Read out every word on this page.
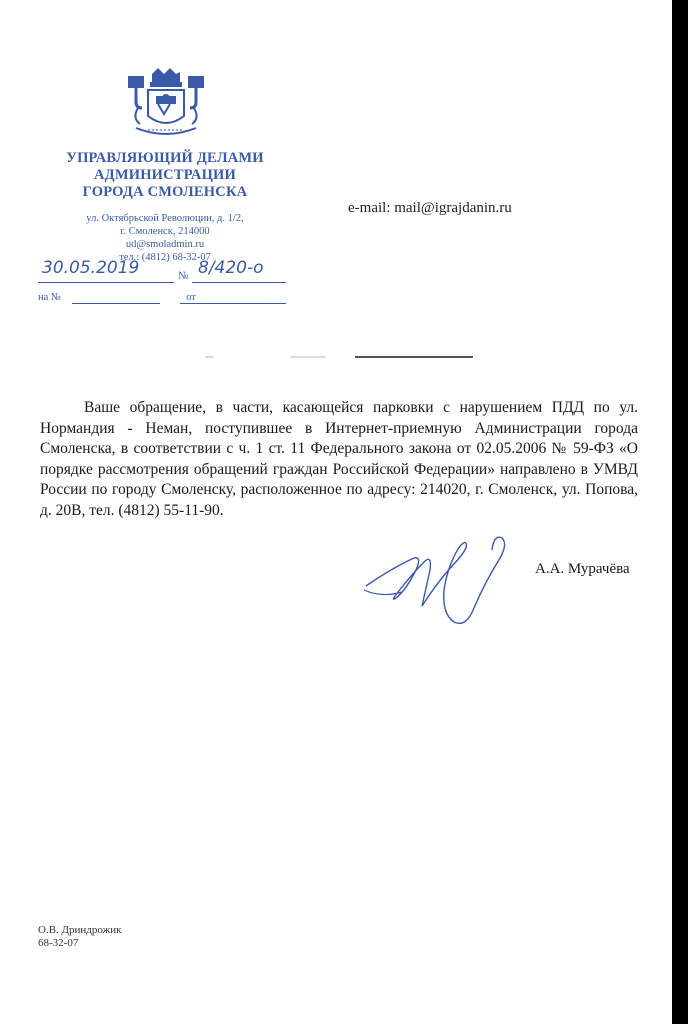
УПРАВЛЯЮЩИЙ ДЕЛАМИ
АДМИНИСТРАЦИИ
ГОРОДА СМОЛЕНСКА
ул. Октябрьской Революции, д. 1/2,
г. Смоленск, 214000
ud@smoladmin.ru
тел.: (4812) 68-32-07
e-mail: mail@igrajdanin.ru
30.05.2019	№ 8/420-о
на №	от

Ваше обращение, в части, касающейся парковки с нарушением ПДД по ул. Нормандия - Неман, поступившее в Интернет-приемную Администрации города Смоленска, в соответствии с ч. 1 ст. 11 Федерального закона от 02.05.2006 № 59-ФЗ «О порядке рассмотрения обращений граждан Российской Федерации» направлено в УМВД России по городу Смоленску, расположенное по адресу: 214020, г. Смоленск, ул. Попова, д. 20В, тел. (4812) 55-11-90.

А.А. Мурачёва
О.В. Дриндрожик
68-32-07
